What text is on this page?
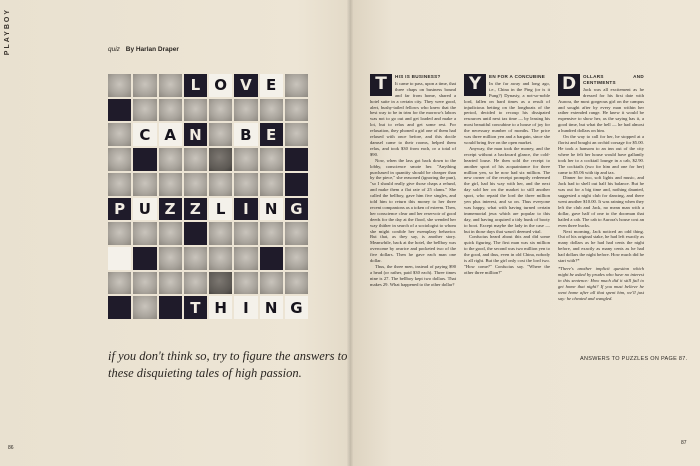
PLAYBOY	quiz By Harlan Draper
L O V E
C A N	B E
P U Z Z	L	I	N G
T H	I	N G
if you don't think so, try to figure the answers to these disquieting tales of high passion.
T	HIS IS BUSINESS?

It came to pass, upon a time, that three chaps on business bound and far from home, shared a hotel suite in a certain city. They were good, alert, bushy-tailed fellows who knew that the best way to be in trim for the morrow's labors was not to go out and get loaded and make a lot, but to relax and get some rest. For relaxation, they phoned a girl one of them had relaxed with once before, and this docile damsel came to their rooms, helped them relax, and took $30 from each, or a total of $90.

Now, when the lass got back down to the lobby, conscience smote her. "Anything purchased in quantity should be cheaper than by the piece," she reasoned (ignoring the pun), "so I should really give those chaps a refund, and make them a flat rate of 25 clams." She called the bellboy, gave him five singles, and told him to return this money to her three recent companions as a token of esteem. Then, her conscience clear and her reservoir of good deeds for the day at the flood, she wended her way thither in search of a sociologist to whom she might confide her exemplary behavior. But that, as they say, is another story. Meanwhile, back at the hotel, the bellboy was overcome by avarice and pocketed two of the five dollars. Then he gave each man one dollar.

Thus, the three men, instead of paying $90 a head (or rather, paid $30 each). Three times nine is 27. The bellboy kept two dollars. That makes 29. What happened to the other dollar?

Y	EN FOR A CONCUBINE

In the far away and long ago, i.e., China in the Ping (or is it Pung?) Dynasty, a not-so-noble lord, fallen on hard times as a result of injudicious betting on the longboats of the period, decided to recoup his dissipated resources until next tax time — by leasing his most beautiful concubine to a house of joy for the necessary number of months. The price was three million yen and a bargain, since she would bring five on the open market.

Anyway, the man took the money, and the receipt without a backward glance, the cold-hearted louse. He then sold the receipt to another sport of his acquaintance for three million yen, so he now had six million. The new owner of the receipt promptly redeemed the girl, had his way with her, and the next day sold her on the market to still another sport, who repaid the lord the three million yen plus interest, and so on. Thus everyone was happy, what with having turned certain immemorial jeux which are popular to this day, and having acquired a tidy hunk of booty to boot. Except maybe the lady in the case — but in those days that wasn't deemed vital.

Confucius heard about this and did some quick figuring. The first man was six million to the good, the second was two million yen to the good, and thus, even in old China, nobody is all right. But the girl only cost the lord two. "How come?" Confucius say. "Where the other three million?"

D	OLLARS AND CENTIMENTS

Jack was all excitement as he dressed for his first date with Aurora, the most gorgeous girl on the campus and sought after by every man within her rather extended range. He knew it would be expensive to show her, as the saying has it, a good time, but what the hell — he had almost a hundred dollars on him.

On the way to call for her, he stopped at a florist and bought an orchid corsage for $5.00. He took a hansom to an inn out of the city where he felt her house would have gallantly took her to a cocktail lounge in a cab, $2.90. The cocktails (two for him and one for her) came to $5.06 with tip and tax.

Dinner for two, soft lights and music, and Jack had to shell out half his balance. But he was out for a big time and, nothing daunted, suggested a night club for dancing, and there went another $10.00. It was raining when they left the club and Jack, no mean man with a dollar, gave half of one to the doorman that hailed a cab. The cab to Aurora's house cost an even three bucks.

Next morning, Jack noticed an odd thing. Out of his original stake, he had left exactly as many dollars as he had had cents the night before, and exactly as many cents as he had had dollars the night before. How much did he start with?*

*There's another implicit question which might be asked by prudes who have no interest in this sentence: How much did it still fail to get home that night? If you must believe he went home after all that spent him, we'll just say: he cheated and wangled.

ANSWERS TO PUZZLES ON PAGE 87.
86
87
